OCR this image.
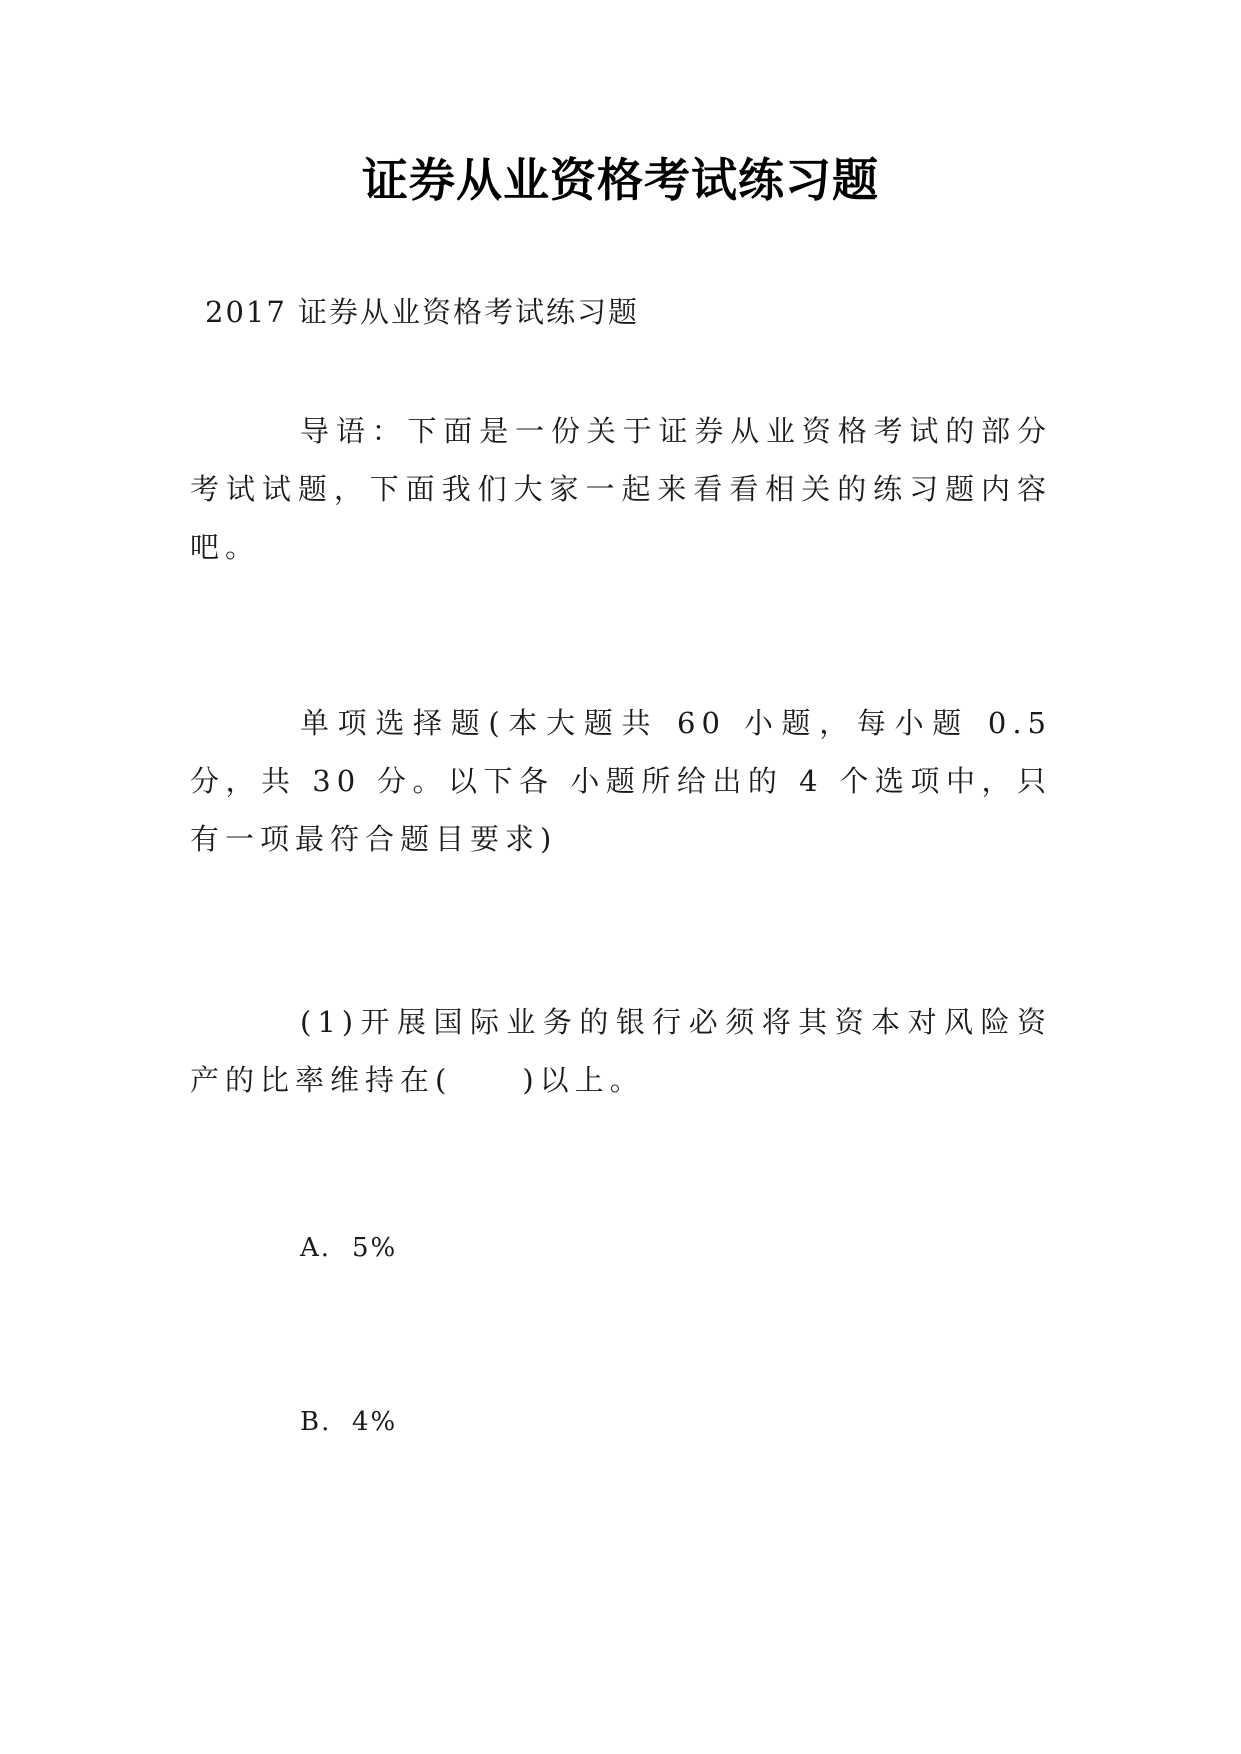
证券从业资格考试练习题
2017 证券从业资格考试练习题

导语：下面是一份关于证券从业资格考试的部分考试试题，下面我们大家一起来看看相关的练习题内容吧。

单项选择题(本大题共 60 小题，每小题 0.5 分，共 30 分。以下各 小题所给出的 4 个选项中，只有一项最符合题目要求)

(1)开展国际业务的银行必须将其资本对风险资产的比率维持在(　　)以上。

A. 5%
B. 4%
